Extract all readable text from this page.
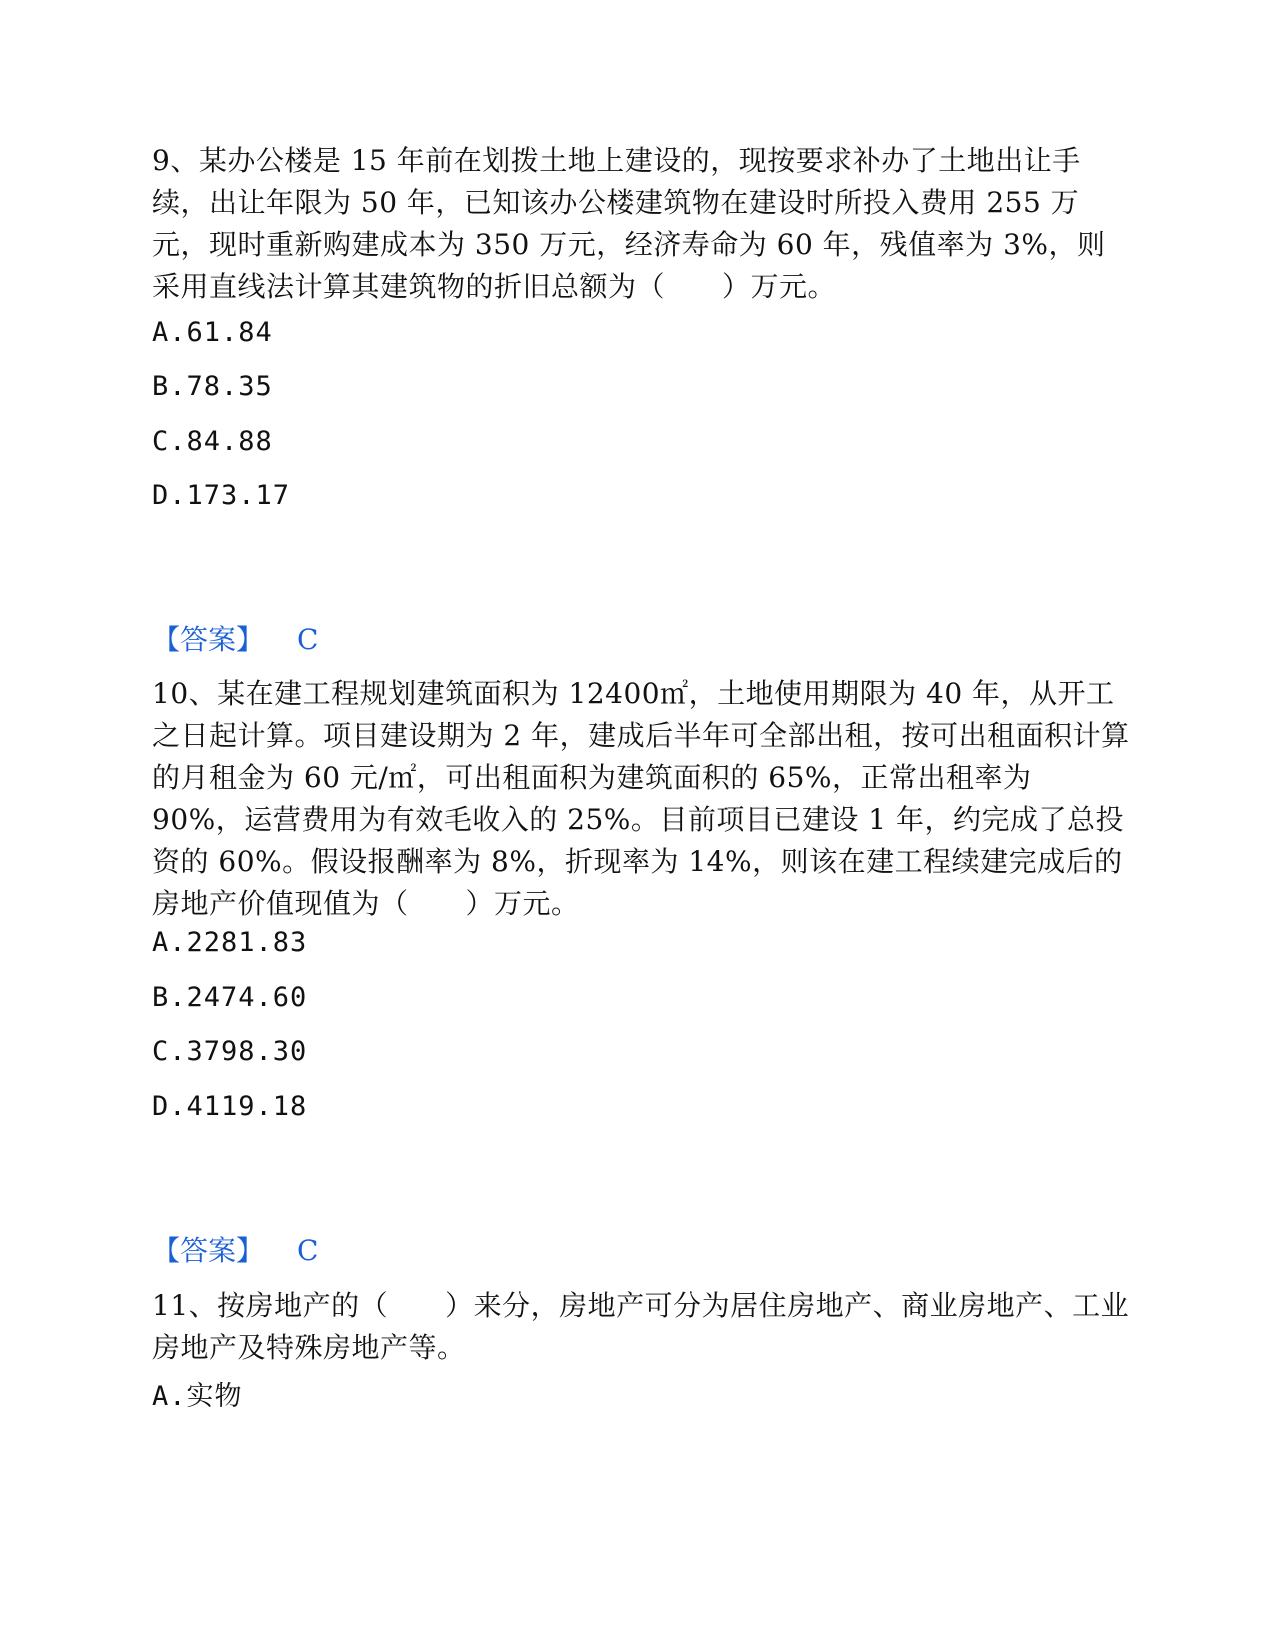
9、某办公楼是 15 年前在划拨土地上建设的，现按要求补办了土地出让手续，出让年限为 50 年，已知该办公楼建筑物在建设时所投入费用 255 万元，现时重新购建成本为 350 万元，经济寿命为 60 年，残值率为 3%，则采用直线法计算其建筑物的折旧总额为（　　）万元。
A.61.84
B.78.35
C.84.88
D.173.17
【答案】 C
10、某在建工程规划建筑面积为 12400㎡，土地使用期限为 40 年，从开工之日起计算。项目建设期为 2 年，建成后半年可全部出租，按可出租面积计算的月租金为 60 元/㎡，可出租面积为建筑面积的 65%，正常出租率为 90%，运营费用为有效毛收入的 25%。目前项目已建设 1 年，约完成了总投资的 60%。假设报酬率为 8%，折现率为 14%，则该在建工程续建完成后的房地产价值现值为（　　）万元。
A.2281.83
B.2474.60
C.3798.30
D.4119.18
【答案】 C
11、按房地产的（　　）来分，房地产可分为居住房地产、商业房地产、工业房地产及特殊房地产等。
A.实物
